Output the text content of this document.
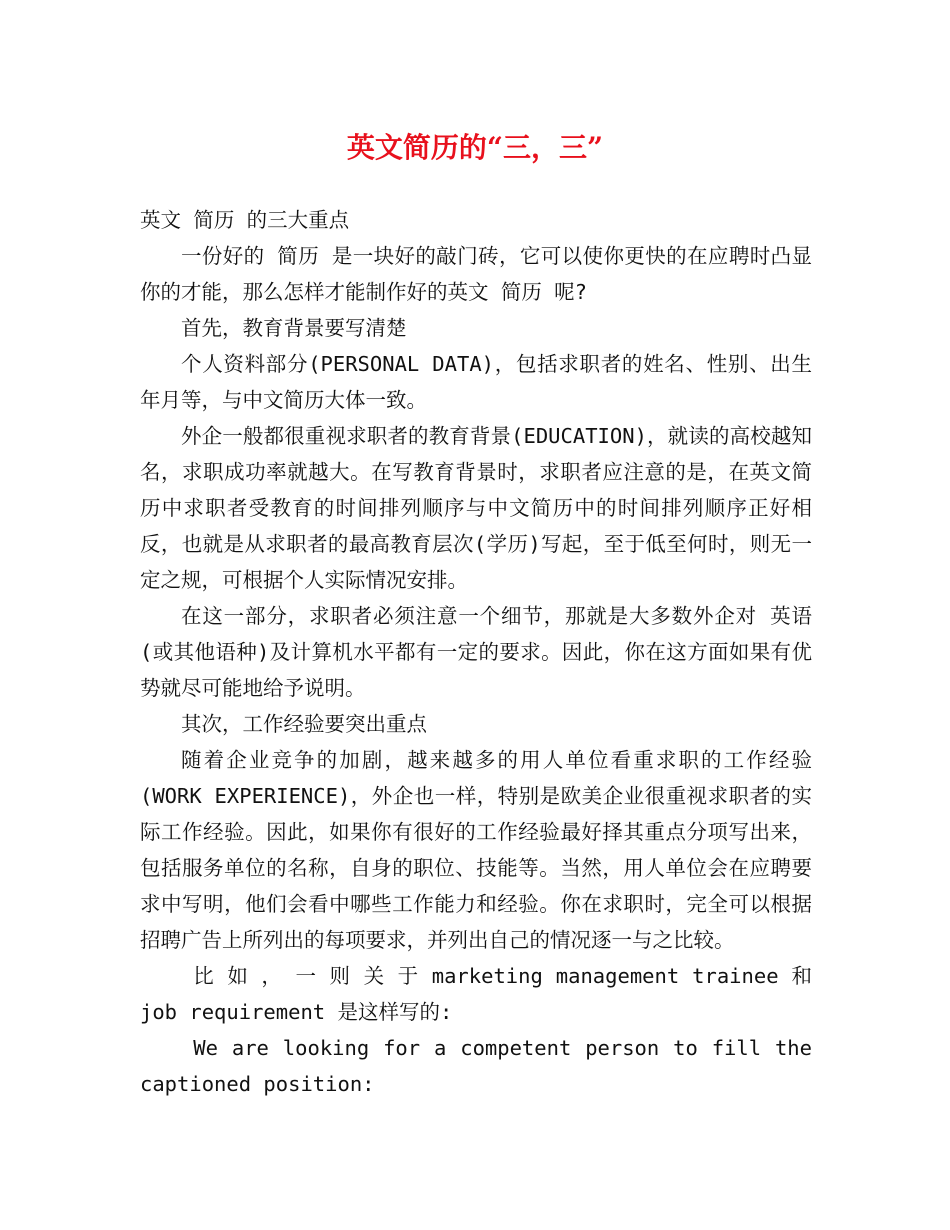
英文简历的“三，三”

英文 简历 的三大重点

一份好的 简历 是一块好的敲门砖，它可以使你更快的在应聘时凸显你的才能，那么怎样才能制作好的英文 简历 呢?

首先，教育背景要写清楚

个人资料部分(PERSONAL DATA)，包括求职者的姓名、性别、出生年月等，与中文简历大体一致。

外企一般都很重视求职者的教育背景(EDUCATION)，就读的高校越知名，求职成功率就越大。在写教育背景时，求职者应注意的是，在英文简历中求职者受教育的时间排列顺序与中文简历中的时间排列顺序正好相反，也就是从求职者的最高教育层次(学历)写起，至于低至何时，则无一定之规，可根据个人实际情况安排。

在这一部分，求职者必须注意一个细节，那就是大多数外企对 英语 (或其他语种)及计算机水平都有一定的要求。因此，你在这方面如果有优势就尽可能地给予说明。

其次，工作经验要突出重点

随着企业竞争的加剧，越来越多的用人单位看重求职的工作经验(WORK EXPERIENCE)，外企也一样，特别是欧美企业很重视求职者的实际工作经验。因此，如果你有很好的工作经验最好择其重点分项写出来，包括服务单位的名称，自身的职位、技能等。当然，用人单位会在应聘要求中写明，他们会看中哪些工作能力和经验。你在求职时，完全可以根据招聘广告上所列出的每项要求，并列出自己的情况逐一与之比较。

比 如 ， 一 则 关 于 marketing management trainee 和 job requirement 是这样写的:

We are looking for a competent person to fill the captioned position:
